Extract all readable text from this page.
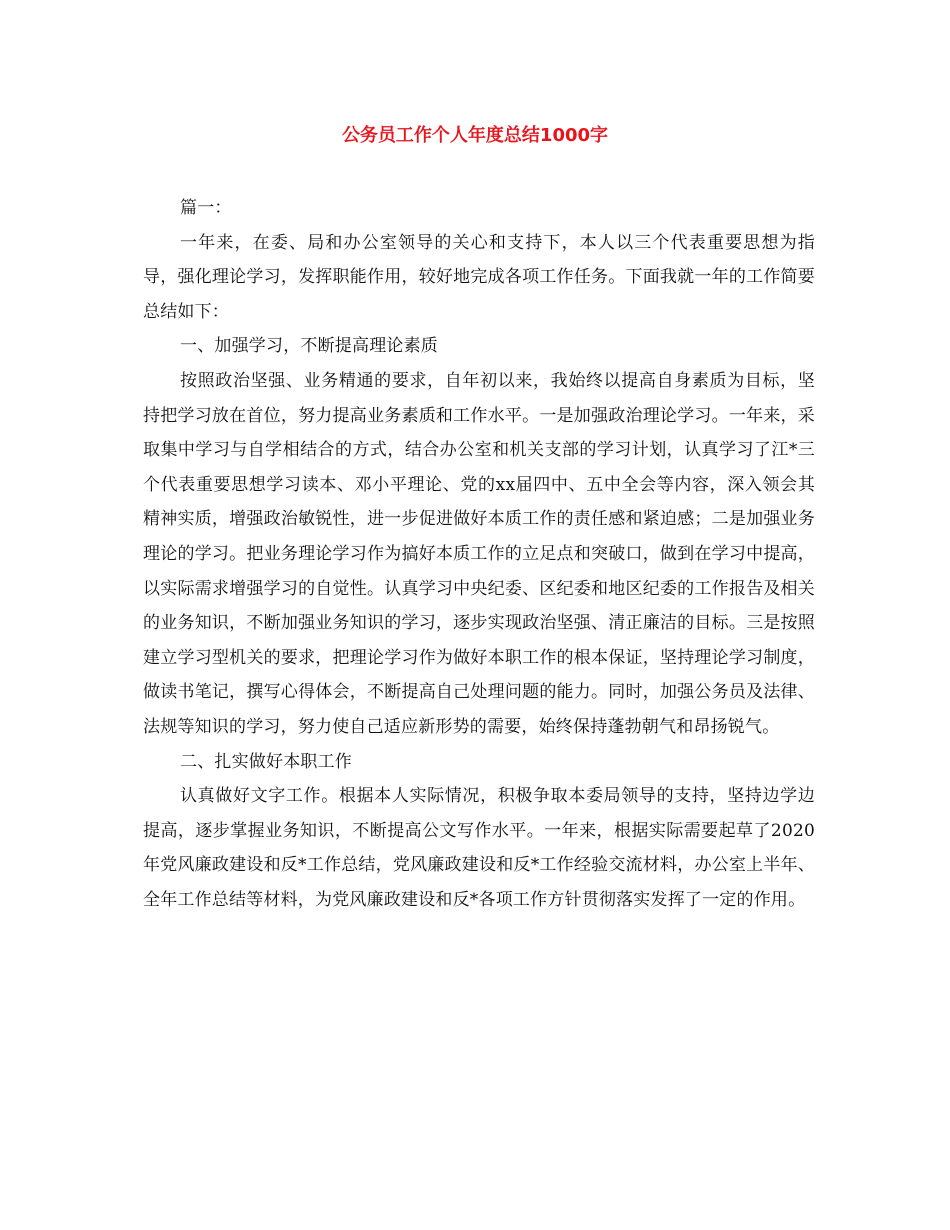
公务员工作个人年度总结1000字

篇一：

一年来，在委、局和办公室领导的关心和支持下，本人以三个代表重要思想为指导，强化理论学习，发挥职能作用，较好地完成各项工作任务。下面我就一年的工作简要总结如下：

一、加强学习，不断提高理论素质

按照政治坚强、业务精通的要求，自年初以来，我始终以提高自身素质为目标，坚持把学习放在首位，努力提高业务素质和工作水平。一是加强政治理论学习。一年来，采取集中学习与自学相结合的方式，结合办公室和机关支部的学习计划，认真学习了江*三个代表重要思想学习读本、邓小平理论、党的xx届四中、五中全会等内容，深入领会其精神实质，增强政治敏锐性，进一步促进做好本质工作的责任感和紧迫感；二是加强业务理论的学习。把业务理论学习作为搞好本质工作的立足点和突破口，做到在学习中提高，以实际需求增强学习的自觉性。认真学习中央纪委、区纪委和地区纪委的工作报告及相关的业务知识，不断加强业务知识的学习，逐步实现政治坚强、清正廉洁的目标。三是按照建立学习型机关的要求，把理论学习作为做好本职工作的根本保证，坚持理论学习制度，做读书笔记，撰写心得体会，不断提高自己处理问题的能力。同时，加强公务员及法律、法规等知识的学习，努力使自己适应新形势的需要，始终保持蓬勃朝气和昂扬锐气。

二、扎实做好本职工作

认真做好文字工作。根据本人实际情况，积极争取本委局领导的支持，坚持边学边提高，逐步掌握业务知识，不断提高公文写作水平。一年来，根据实际需要起草了2020年党风廉政建设和反*工作总结，党风廉政建设和反*工作经验交流材料，办公室上半年、全年工作总结等材料，为党风廉政建设和反*各项工作方针贯彻落实发挥了一定的作用。
